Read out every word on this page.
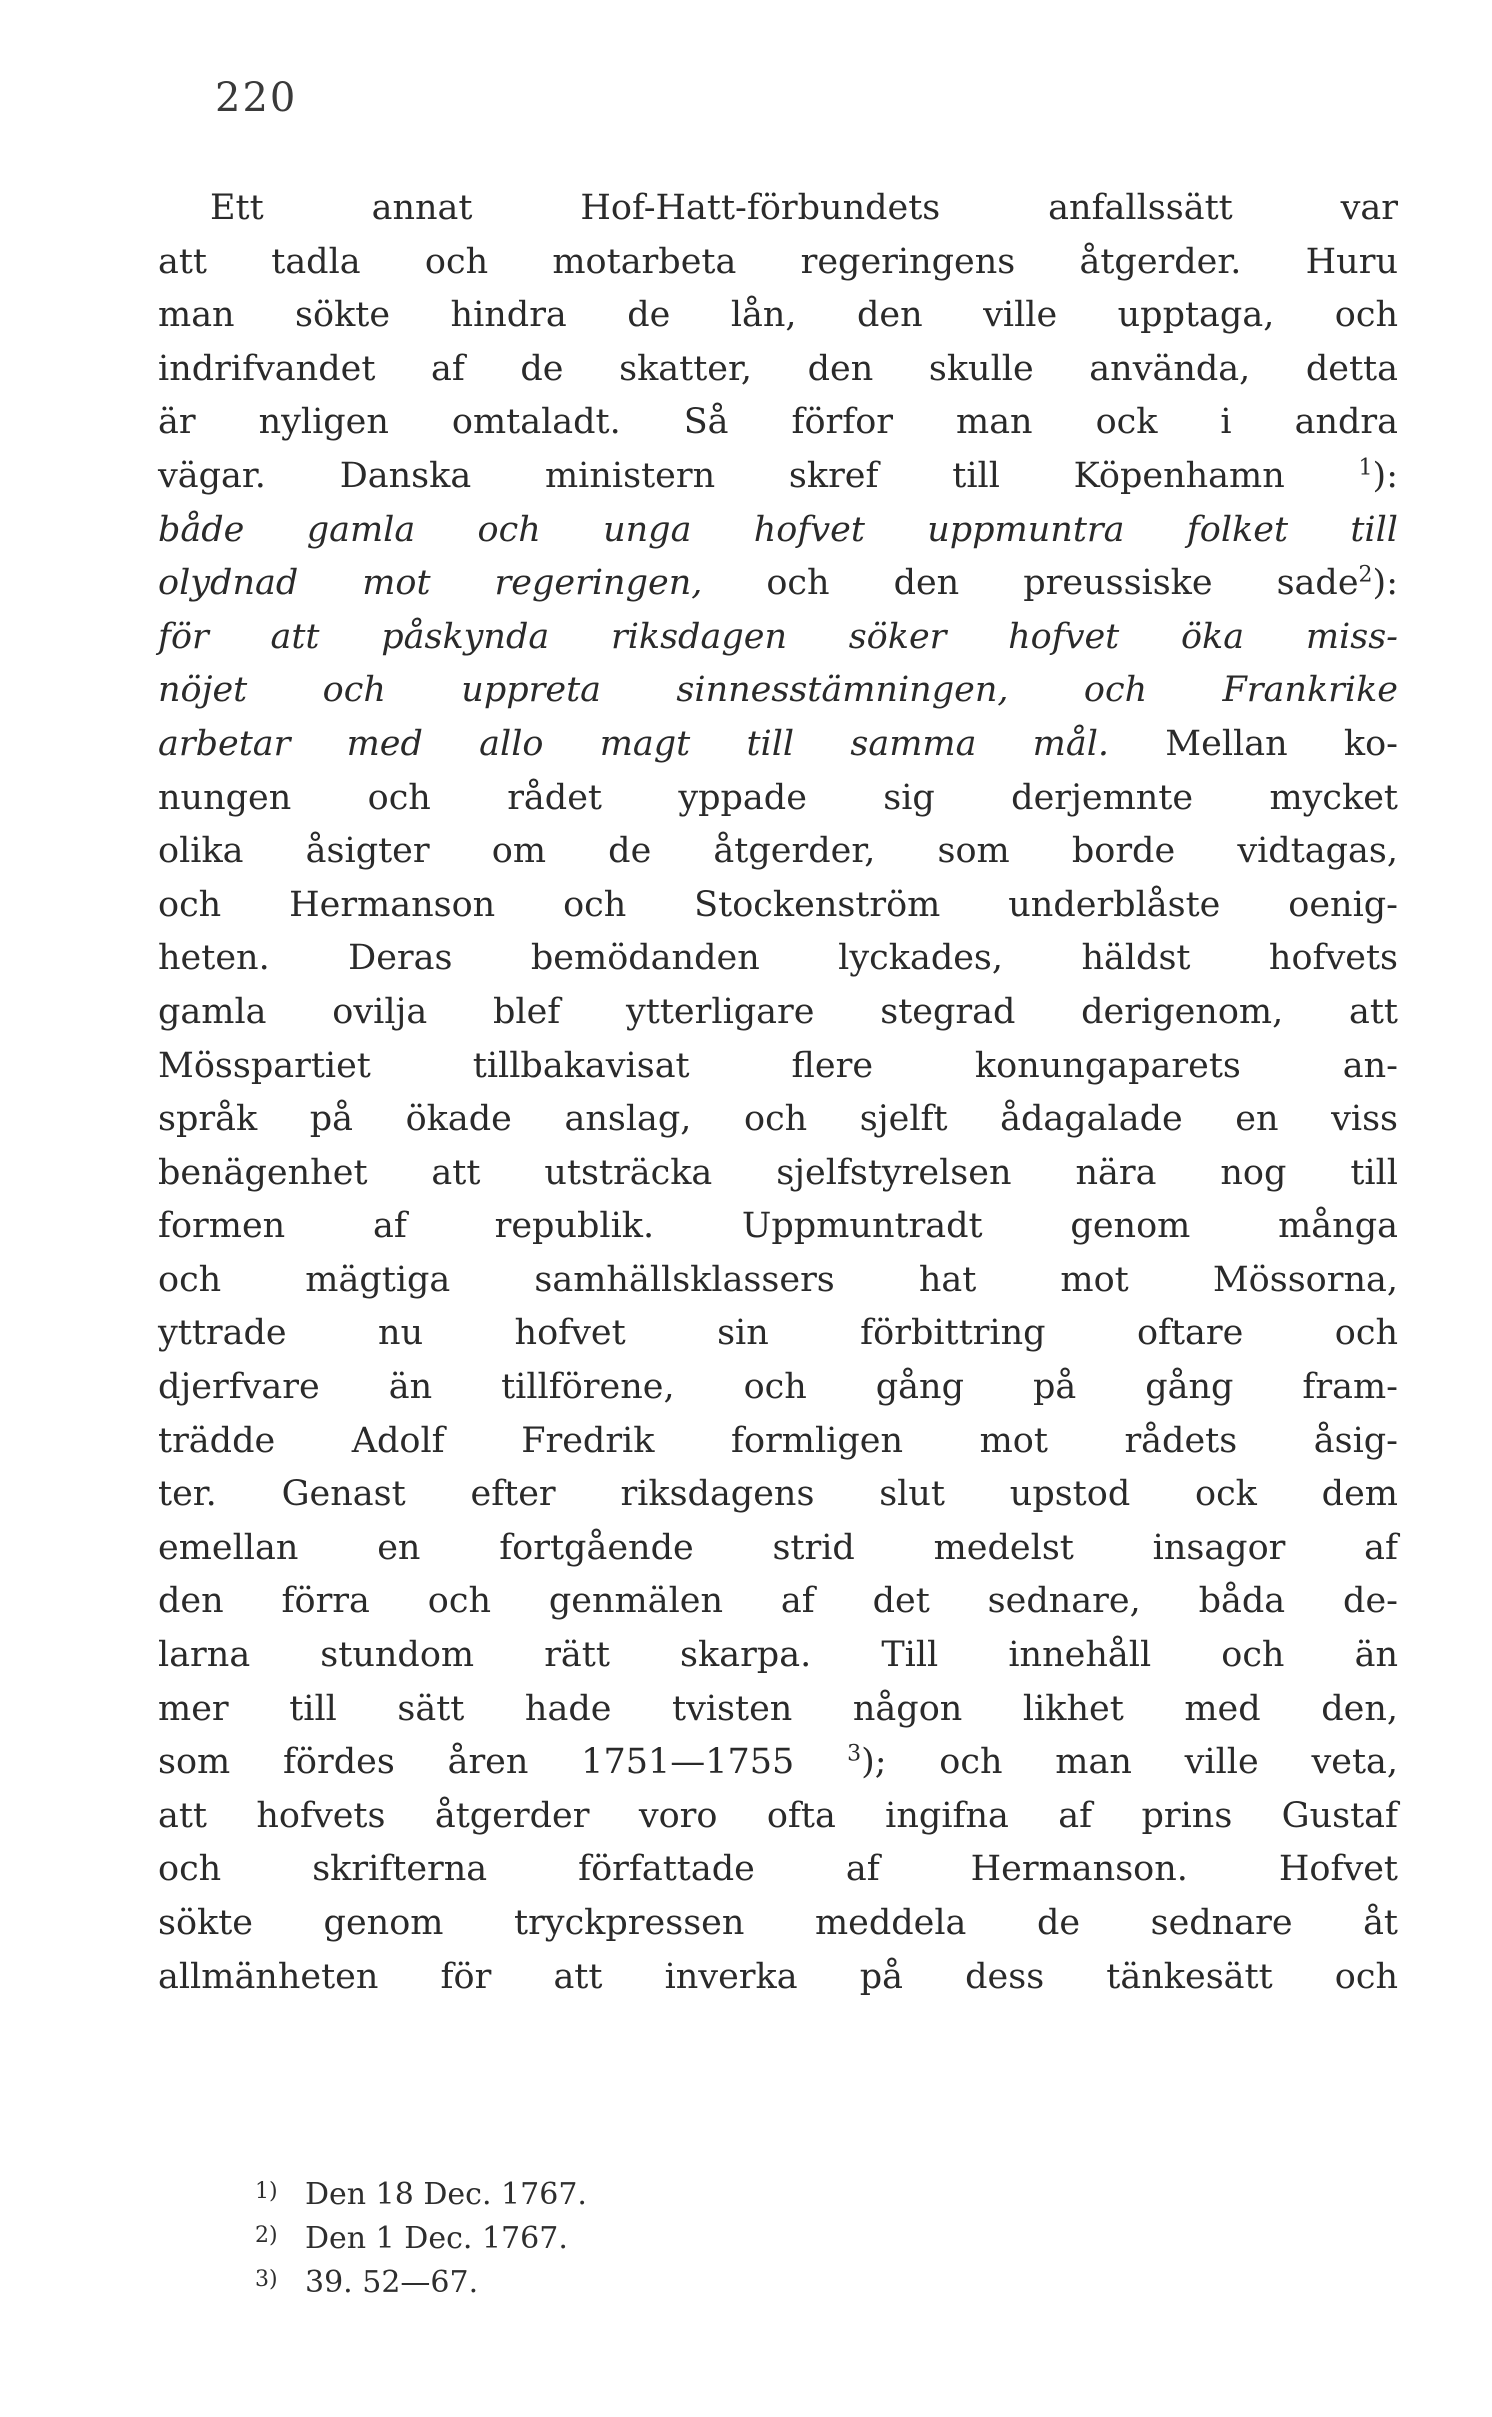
220
Ett annat Hof-Hatt-förbundets anfallssätt var
att tadla och motarbeta regeringens åtgerder. Huru
man sökte hindra de lån, den ville upptaga, och
indrifvandet af de skatter, den skulle använda, detta
är nyligen omtaladt. Så förfor man ock i andra
vägar. Danska ministern skref till Köpenhamn $^1$):
både gamla och unga hofvet uppmuntra folket till
olydnad mot regeringen, och den preussiske sade$^2$):
för att påskynda riksdagen söker hofvet öka miss-
nöjet och uppreta sinnesstämningen, och Frankrike
arbetar med allo magt till samma mål. Mellan ko-
nungen och rådet yppade sig derjemnte mycket
olika åsigter om de åtgerder, som borde vidtagas,
och Hermanson och Stockenström underblåste oenig-
heten. Deras bemödanden lyckades, häldst hofvets
gamla ovilja blef ytterligare stegrad derigenom, att
Mösspartiet tillbakavisat flere konungaparets an-
språk på ökade anslag, och sjelft ådagalade en viss
benägenhet att utsträcka sjelfstyrelsen nära nog till
formen af republik. Uppmuntradt genom många
och mägtiga samhällsklassers hat mot Mössorna,
yttrade nu hofvet sin förbittring oftare och
djerfvare än tillförene, och gång på gång fram-
trädde Adolf Fredrik formligen mot rådets åsig-
ter. Genast efter riksdagens slut upstod ock dem
emellan en fortgående strid medelst insagor af
den förra och genmälen af det sednare, båda de-
larna stundom rätt skarpa. Till innehåll och än
mer till sätt hade tvisten någon likhet med den,
som fördes åren 1751—1755 $^3$); och man ville veta,
att hofvets åtgerder voro ofta ingifna af prins Gustaf
och skrifterna författade af Hermanson. Hofvet
sökte genom tryckpressen meddela de sednare åt
allmänheten för att inverka på dess tänkesätt och
1) Den 18 Dec. 1767.
2) Den 1 Dec. 1767.
3) 39. 52—67.
